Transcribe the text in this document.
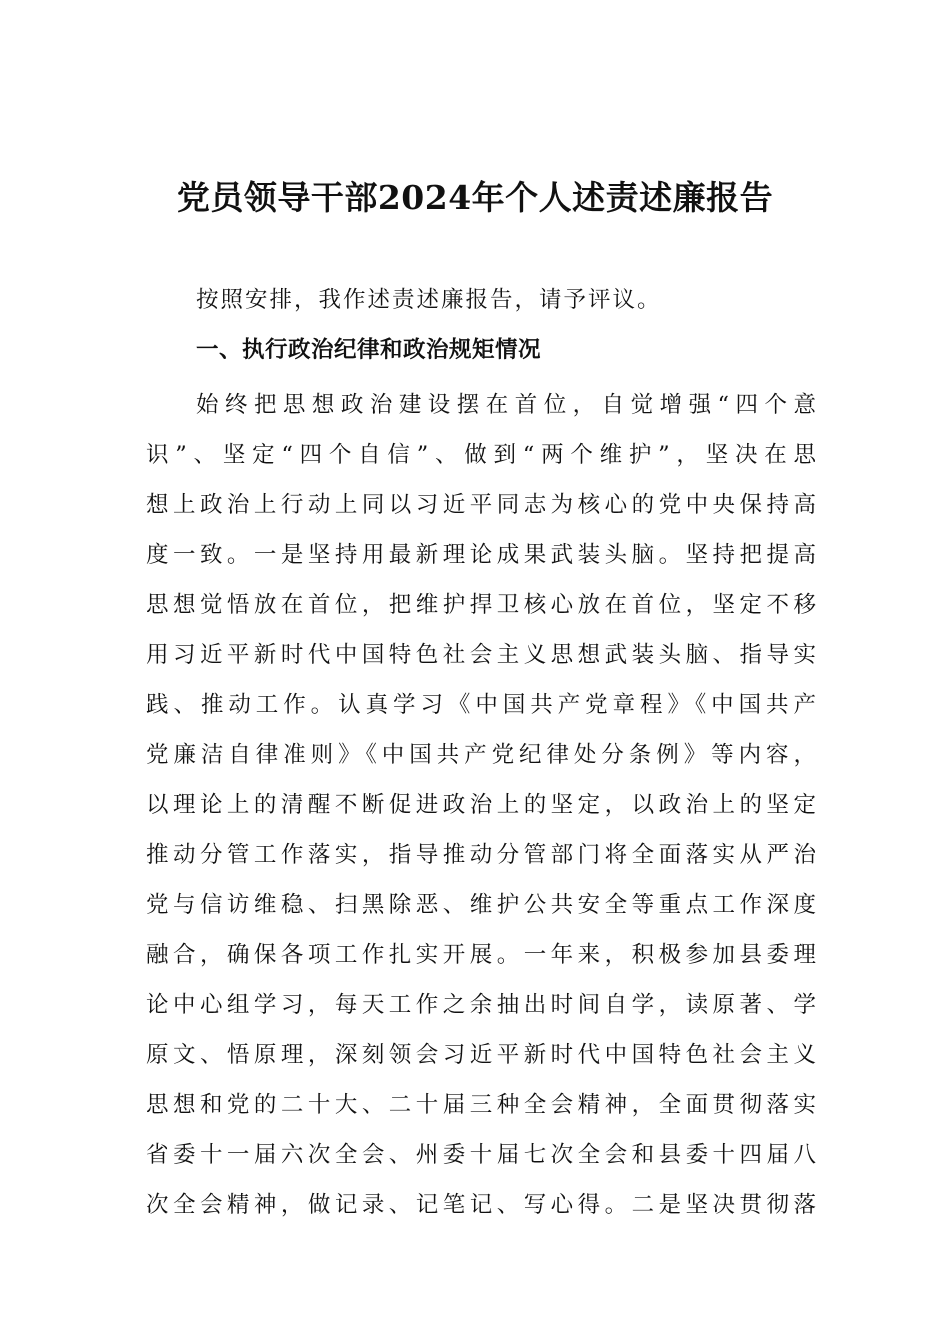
党员领导干部2024年个人述责述廉报告

按照安排，我作述责述廉报告，请予评议。

一、执行政治纪律和政治规矩情况

始终把思想政治建设摆在首位，自觉增强“四个意
识”、坚定“四个自信”、做到“两个维护”，坚决在思
想上政治上行动上同以习近平同志为核心的党中央保持高
度一致。一是坚持用最新理论成果武装头脑。坚持把提高
思想觉悟放在首位，把维护捍卫核心放在首位，坚定不移
用习近平新时代中国特色社会主义思想武装头脑、指导实
践、推动工作。认真学习《中国共产党章程》《中国共产
党廉洁自律准则》《中国共产党纪律处分条例》等内容，
以理论上的清醒不断促进政治上的坚定，以政治上的坚定
推动分管工作落实，指导推动分管部门将全面落实从严治
党与信访维稳、扫黑除恶、维护公共安全等重点工作深度
融合，确保各项工作扎实开展。一年来，积极参加县委理
论中心组学习，每天工作之余抽出时间自学，读原著、学
原文、悟原理，深刻领会习近平新时代中国特色社会主义
思想和党的二十大、二十届三种全会精神，全面贯彻落实
省委十一届六次全会、州委十届七次全会和县委十四届八
次全会精神，做记录、记笔记、写心得。二是坚决贯彻落
